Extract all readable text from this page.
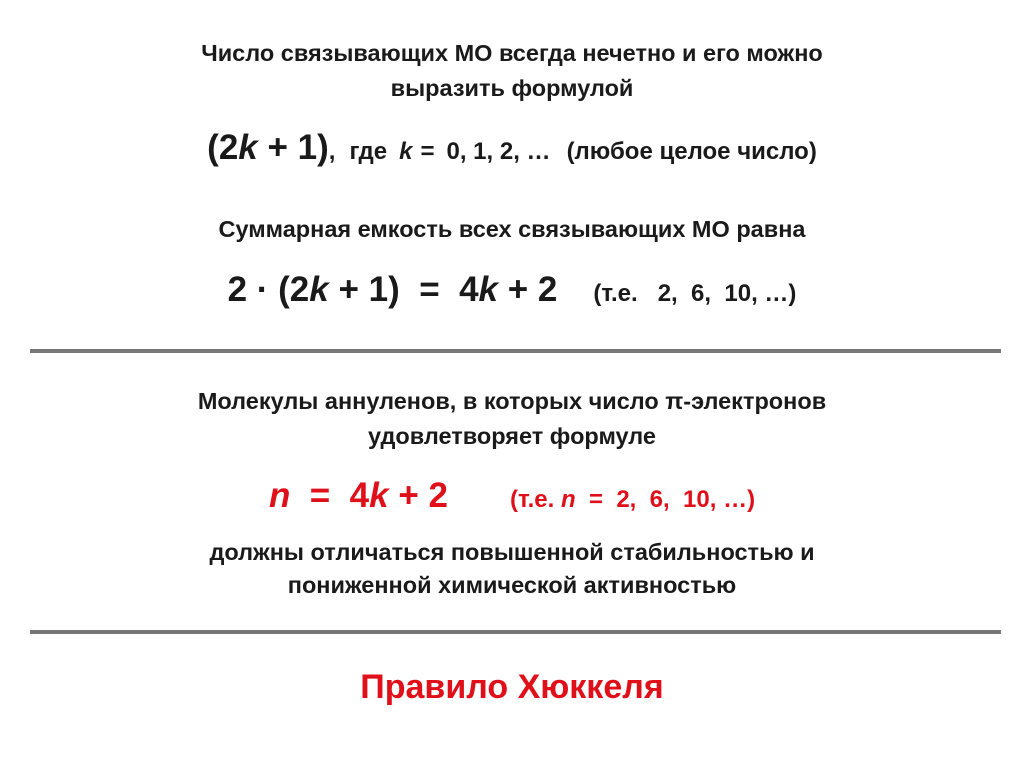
Число связывающих МО всегда нечетно и его можно
выразить формулой
(2k + 1), где k = 0, 1, 2, … (любое целое число)
Суммарная емкость всех связывающих МО равна
2 · (2k + 1)  =  4k + 2 (т.е.   2,  6,  10, …)
Молекулы аннуленов, в которых число π-электронов
удовлетворяет формуле
n  =  4k + 2	(т.е. n  =  2,  6,  10, …)
должны отличаться повышенной стабильностью и
пониженной химической активностью
Правило Хюккеля
